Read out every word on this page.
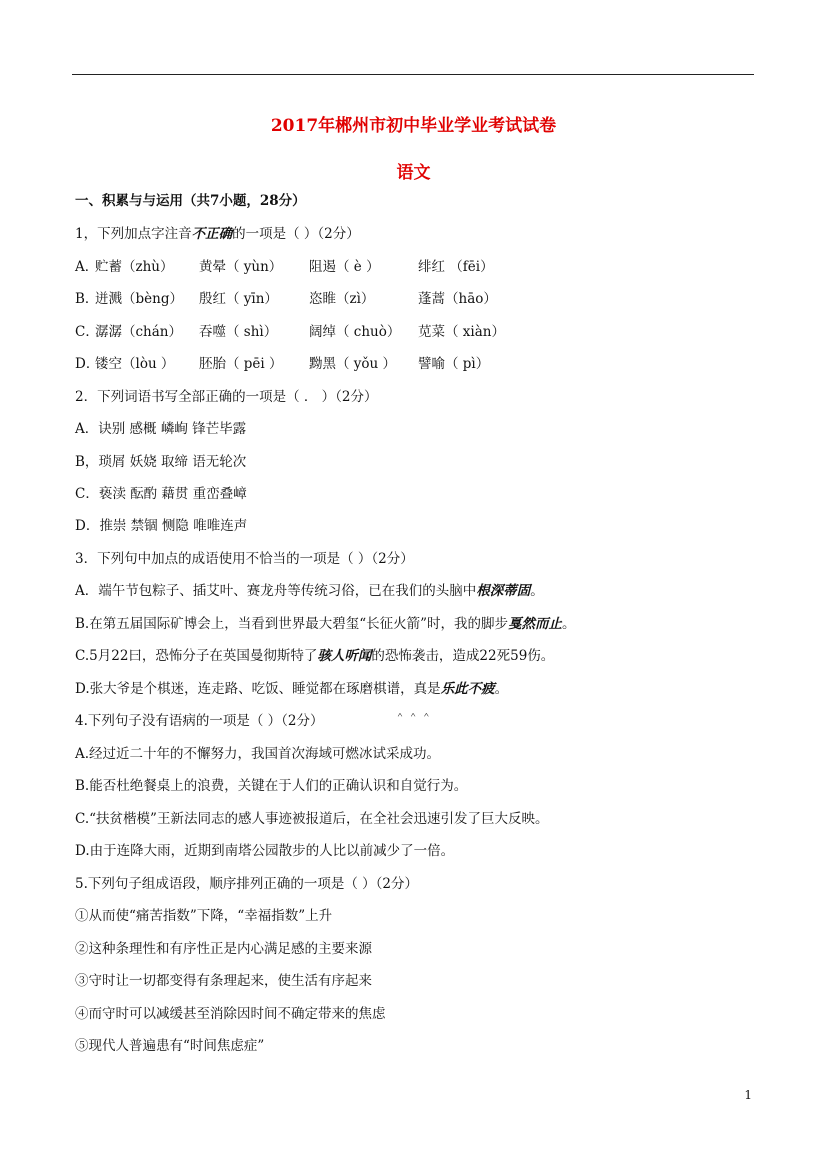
2017年郴州市初中毕业学业考试试卷
语文
一、积累与与运用（共7小题，28分）
1，下列加点字注音不正确的一项是（ ）（2分）
A．
贮蓄（zhù） 黄晕（ yùn） 阻遏（ è ）	绯红 （fēi）
B．
迸溅（bèng） 殷红（ yīn） 恣睢（zì）	蓬蒿（hāo）
C．
潺潺（chán） 吞噬（ shì） 阔绰（ chuò） 苋菜（ xiàn）
D．
镂空（lòu ） 胚胎（ pēi ） 黝黑（ yǒu ） 譬喻（ pì）
2．下列词语书写全部正确的一项是（ ． ）（2分）
A．诀别 感概 嶙峋 锋芒毕露
B，琐屑 妖娆 取缔 语无轮次
C．亵渎 酝酌 藉贯 重峦叠嶂
D．推崇 禁锢 恻隐 唯唯连声
3．下列句中加点的成语使用不恰当的一项是（ ）（2分）
A．端午节包粽子、插艾叶、赛龙舟等传统习俗，已在我们的头脑中根深蒂固。
B.在第五届国际矿博会上，当看到世界最大碧玺“长征火箭”时，我的脚步戛然而止。
C.5月22曰，恐怖分子在英国曼彻斯特了骇人听闻的恐怖袭击，造成22死59伤。
D.张大爷是个棋迷，连走路、吃饭、睡觉都在琢磨棋谱，真是乐此不疲。
4.下列句子没有语病的一项是（ ）（2分）	＾ ＾ ＾
A.经过近二十年的不懈努力，我国首次海域可燃冰试采成功。
B.能否杜绝餐桌上的浪费，关键在于人们的正确认识和自觉行为。
C.“扶贫楷模”王新法同志的感人事迹被报道后，在全社会迅速引发了巨大反映。
D.由于连降大雨，近期到南塔公园散步的人比以前减少了一倍。
5.下列句子组成语段，顺序排列正确的一项是（ ）（2分）
①从而使“痛苦指数”下降，“幸福指数”上升
②这种条理性和有序性正是内心满足感的主要来源
③守时让一切都变得有条理起来，使生活有序起来
④而守时可以减缓甚至消除因时间不确定带来的焦虑
⑤现代人普遍患有“时间焦虑症”
1
